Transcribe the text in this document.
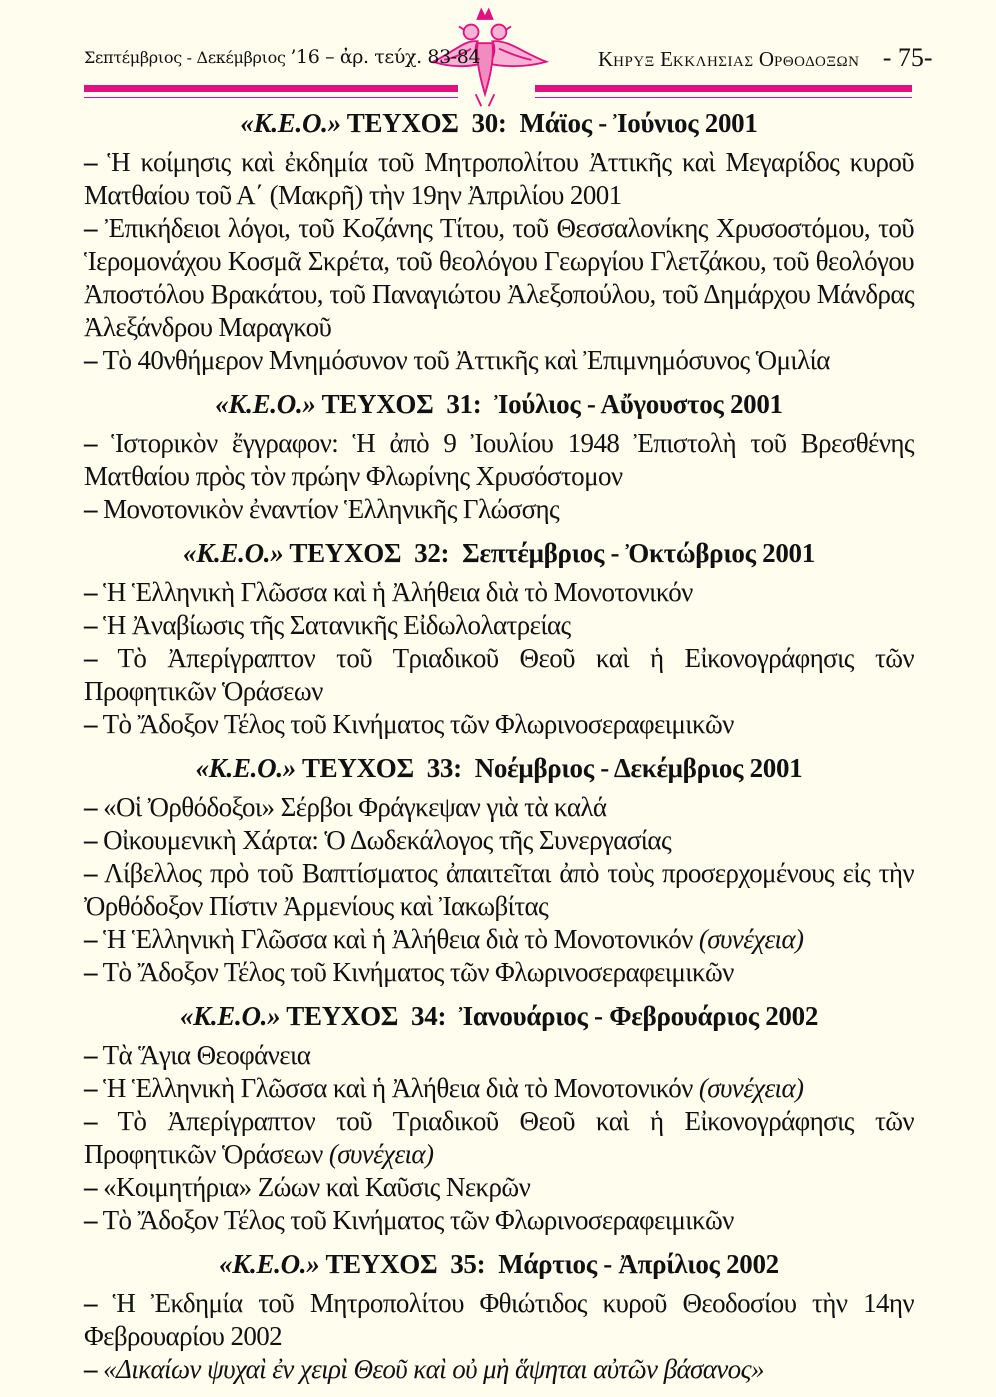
Σεπτέμβριος - Δεκέμβριος ’16 – ἀρ. τεύχ. 83-84	ΚΗΡΥΞ ΕΚΚΛΗΣΙΑΣ ΟΡΘΟΔΟΞΩΝ - 75-
«Κ.Ε.Ο.» ΤΕΥΧΟΣ  30:  Μάϊος - Ἰούνιος 2001
– Ἡ κοίμησις καὶ ἐκδημία τοῦ Μητροπολίτου Ἀττικῆς καὶ Μεγαρίδος κυροῦ Ματθαίου τοῦ Α΄ (Μακρῆ) τὴν 19ην Ἀπριλίου 2001
– Ἐπικήδειοι λόγοι, τοῦ Κοζάνης Τίτου, τοῦ Θεσσαλονίκης Χρυσοστόμου, τοῦ Ἱερομονάχου Κοσμᾶ Σκρέτα, τοῦ θεολόγου Γεωργίου Γλετζάκου, τοῦ θεολόγου Ἀποστόλου Βρακάτου, τοῦ Παναγιώτου Ἀλεξοπούλου, τοῦ Δημάρχου Μάνδρας Ἀλεξάνδρου Μαραγκοῦ
– Τὸ 40νθήμερον Μνημόσυνον τοῦ Ἀττικῆς καὶ Ἐπιμνημόσυνος Ὁμιλία
«Κ.Ε.Ο.» ΤΕΥΧΟΣ  31:  Ἰούλιος - Αὔγουστος 2001
– Ἱστορικὸν ἔγγραφον: Ἡ ἀπὸ 9 Ἰουλίου 1948 Ἐπιστολὴ τοῦ Βρεσθένης Ματθαίου πρὸς τὸν πρώην Φλωρίνης Χρυσόστομον
– Μονοτονικὸν ἐναντίον Ἑλληνικῆς Γλώσσης
«Κ.Ε.Ο.» ΤΕΥΧΟΣ  32:  Σεπτέμβριος - Ὀκτώβριος 2001
– Ἡ Ἑλληνικὴ Γλῶσσα καὶ ἡ Ἀλήθεια διὰ τὸ Μονοτονικόν
– Ἡ Ἀναβίωσις τῆς Σατανικῆς Εἰδωλολατρείας
– Τὸ Ἀπερίγραπτον τοῦ Τριαδικοῦ Θεοῦ καὶ ἡ Εἰκονογράφησις τῶν Προφητικῶν Ὁράσεων
– Τὸ Ἄδοξον Τέλος τοῦ Κινήματος τῶν Φλωρινοσεραφειμικῶν
«Κ.Ε.Ο.» ΤΕΥΧΟΣ  33:  Νοέμβριος - Δεκέμβριος 2001
– «Οἱ Ὀρθόδοξοι» Σέρβοι Φράγκεψαν γιὰ τὰ καλά
– Οἰκουμενικὴ Χάρτα: Ὁ Δωδεκάλογος τῆς Συνεργασίας
– Λίβελλος πρὸ τοῦ Βαπτίσματος ἀπαιτεῖται ἀπὸ τοὺς προσερχομένους εἰς τὴν Ὀρθόδοξον Πίστιν Ἀρμενίους καὶ Ἰακωβίτας
– Ἡ Ἑλληνικὴ Γλῶσσα καὶ ἡ Ἀλήθεια διὰ τὸ Μονοτονικόν (συνέχεια)
– Τὸ Ἄδοξον Τέλος τοῦ Κινήματος τῶν Φλωρινοσεραφειμικῶν
«Κ.Ε.Ο.» ΤΕΥΧΟΣ  34:  Ἰανουάριος - Φεβρουάριος 2002
– Τὰ Ἅγια Θεοφάνεια
– Ἡ Ἑλληνικὴ Γλῶσσα καὶ ἡ Ἀλήθεια διὰ τὸ Μονοτονικόν (συνέχεια)
– Τὸ Ἀπερίγραπτον τοῦ Τριαδικοῦ Θεοῦ καὶ ἡ Εἰκονογράφησις τῶν Προφητικῶν Ὁράσεων (συνέχεια)
– «Κοιμητήρια» Ζώων καὶ Καῦσις Νεκρῶν
– Τὸ Ἄδοξον Τέλος τοῦ Κινήματος τῶν Φλωρινοσεραφειμικῶν
«Κ.Ε.Ο.» ΤΕΥΧΟΣ  35:  Μάρτιος - Ἀπρίλιος 2002
– Ἡ Ἐκδημία τοῦ Μητροπολίτου Φθιώτιδος κυροῦ Θεοδοσίου τὴν 14ην Φεβρουαρίου 2002
– «Δικαίων ψυχαὶ ἐν χειρὶ Θεοῦ καὶ οὐ μὴ ἅψηται αὐτῶν βάσανος»
